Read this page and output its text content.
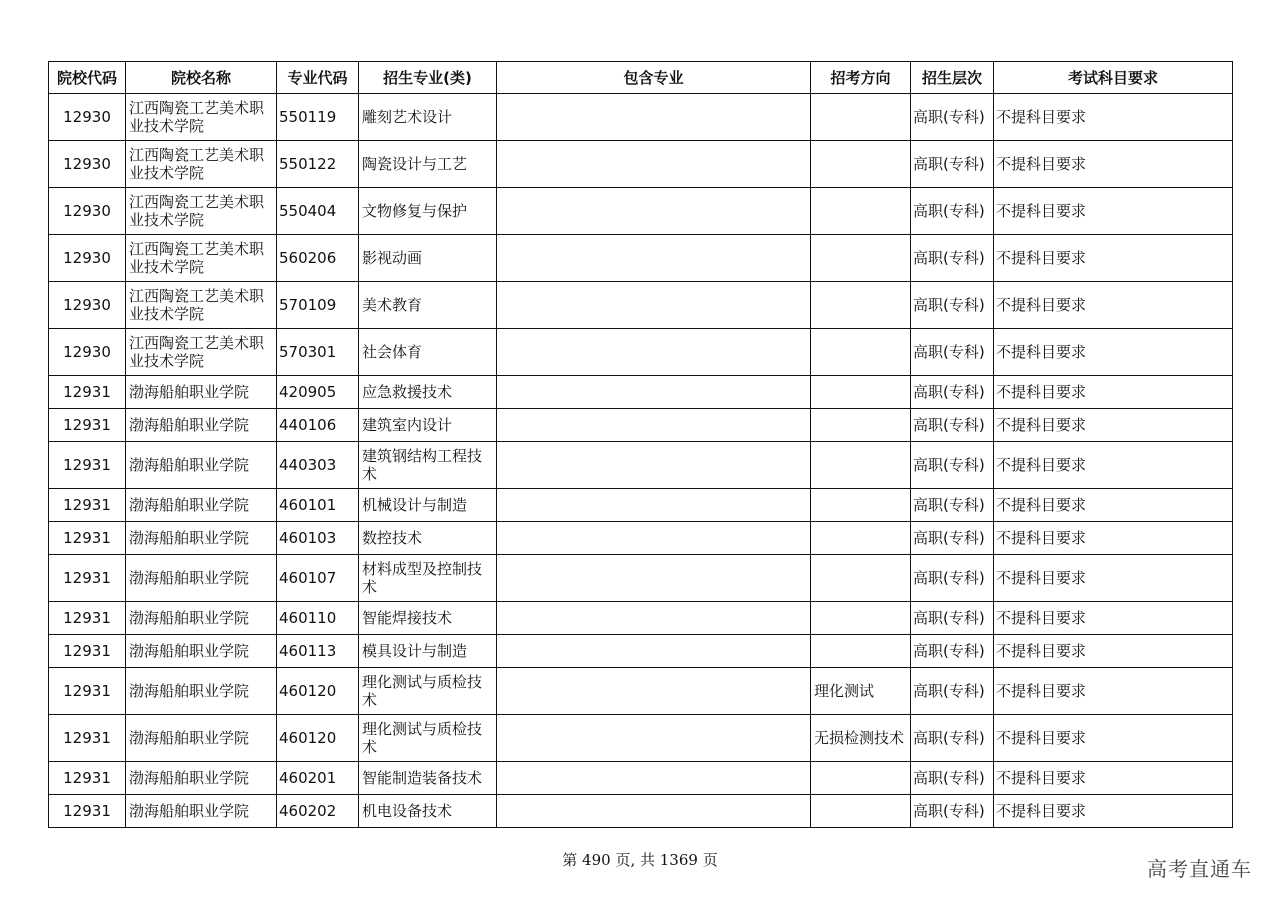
院校代码	院校名称	专业代码	招生专业(类)	包含专业	招考方向	招生层次	考试科目要求
12930	江西陶瓷工艺美术职业技术学院	550119	雕刻艺术设计			高职(专科)	不提科目要求
12930	江西陶瓷工艺美术职业技术学院	550122	陶瓷设计与工艺			高职(专科)	不提科目要求
12930	江西陶瓷工艺美术职业技术学院	550404	文物修复与保护			高职(专科)	不提科目要求
12930	江西陶瓷工艺美术职业技术学院	560206	影视动画			高职(专科)	不提科目要求
12930	江西陶瓷工艺美术职业技术学院	570109	美术教育			高职(专科)	不提科目要求
12930	江西陶瓷工艺美术职业技术学院	570301	社会体育			高职(专科)	不提科目要求
12931	渤海船舶职业学院	420905	应急救援技术			高职(专科)	不提科目要求
12931	渤海船舶职业学院	440106	建筑室内设计			高职(专科)	不提科目要求
12931	渤海船舶职业学院	440303	建筑钢结构工程技术			高职(专科)	不提科目要求
12931	渤海船舶职业学院	460101	机械设计与制造			高职(专科)	不提科目要求
12931	渤海船舶职业学院	460103	数控技术			高职(专科)	不提科目要求
12931	渤海船舶职业学院	460107	材料成型及控制技术			高职(专科)	不提科目要求
12931	渤海船舶职业学院	460110	智能焊接技术			高职(专科)	不提科目要求
12931	渤海船舶职业学院	460113	模具设计与制造			高职(专科)	不提科目要求
12931	渤海船舶职业学院	460120	理化测试与质检技术		理化测试	高职(专科)	不提科目要求
12931	渤海船舶职业学院	460120	理化测试与质检技术		无损检测技术	高职(专科)	不提科目要求
12931	渤海船舶职业学院	460201	智能制造装备技术			高职(专科)	不提科目要求
12931	渤海船舶职业学院	460202	机电设备技术			高职(专科)	不提科目要求
第 490 页, 共 1369 页	高考直通车
